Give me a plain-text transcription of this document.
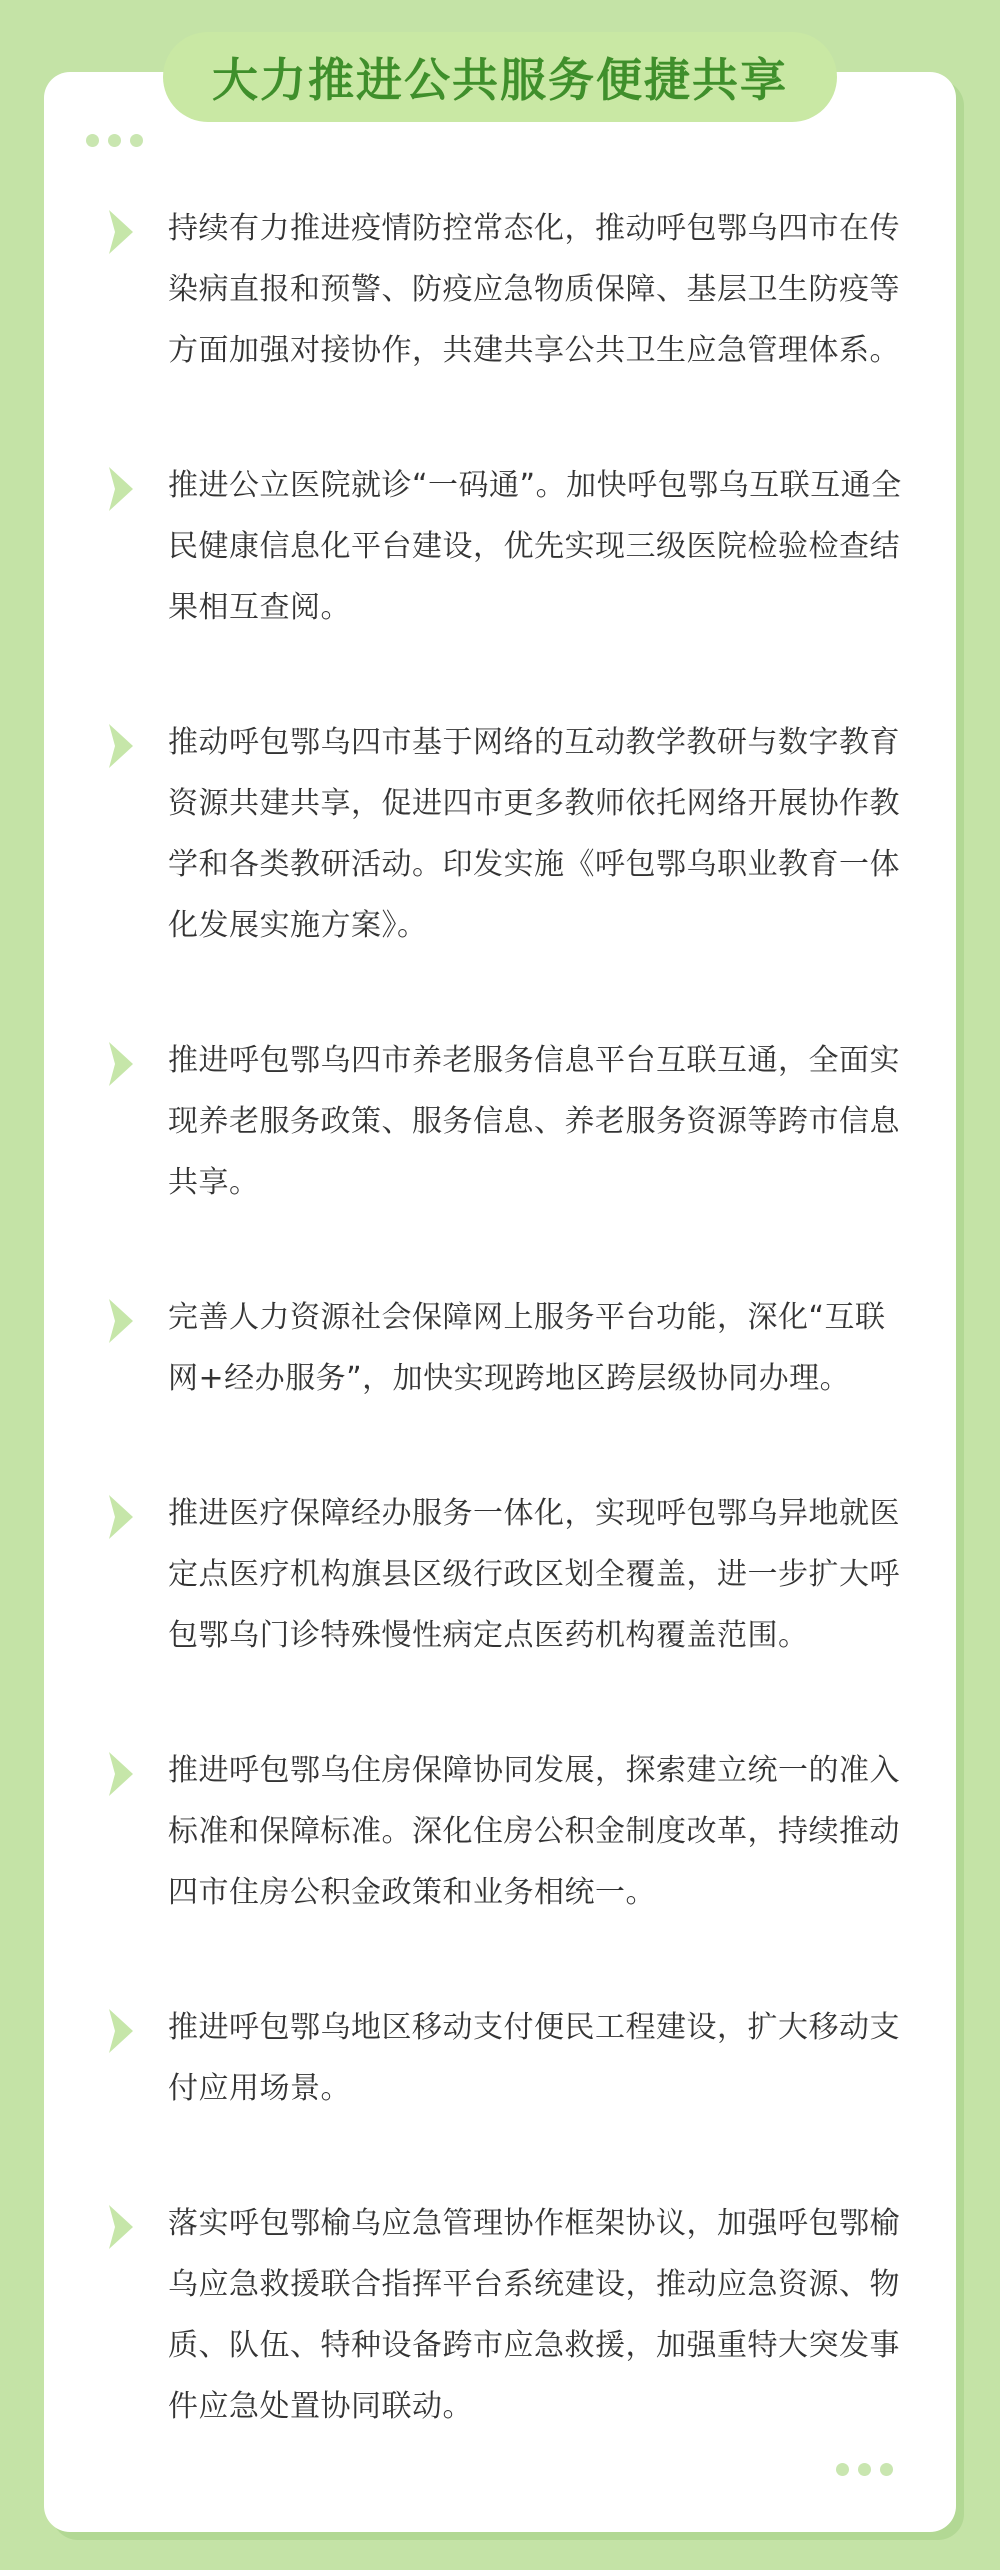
大力推进公共服务便捷共享
持续有力推进疫情防控常态化，推动呼包鄂乌四市在传染病直报和预警、防疫应急物质保障、基层卫生防疫等方面加强对接协作，共建共享公共卫生应急管理体系。
推进公立医院就诊“一码通”。加快呼包鄂乌互联互通全民健康信息化平台建设，优先实现三级医院检验检查结果相互查阅。
推动呼包鄂乌四市基于网络的互动教学教研与数字教育资源共建共享，促进四市更多教师依托网络开展协作教学和各类教研活动。印发实施《呼包鄂乌职业教育一体化发展实施方案》。
推进呼包鄂乌四市养老服务信息平台互联互通，全面实现养老服务政策、服务信息、养老服务资源等跨市信息共享。
完善人力资源社会保障网上服务平台功能，深化“互联网+经办服务”，加快实现跨地区跨层级协同办理。
推进医疗保障经办服务一体化，实现呼包鄂乌异地就医定点医疗机构旗县区级行政区划全覆盖，进一步扩大呼包鄂乌门诊特殊慢性病定点医药机构覆盖范围。
推进呼包鄂乌住房保障协同发展，探索建立统一的准入标准和保障标准。深化住房公积金制度改革，持续推动四市住房公积金政策和业务相统一。
推进呼包鄂乌地区移动支付便民工程建设，扩大移动支付应用场景。
落实呼包鄂榆乌应急管理协作框架协议，加强呼包鄂榆乌应急救援联合指挥平台系统建设，推动应急资源、物质、队伍、特种设备跨市应急救援，加强重特大突发事件应急处置协同联动。
